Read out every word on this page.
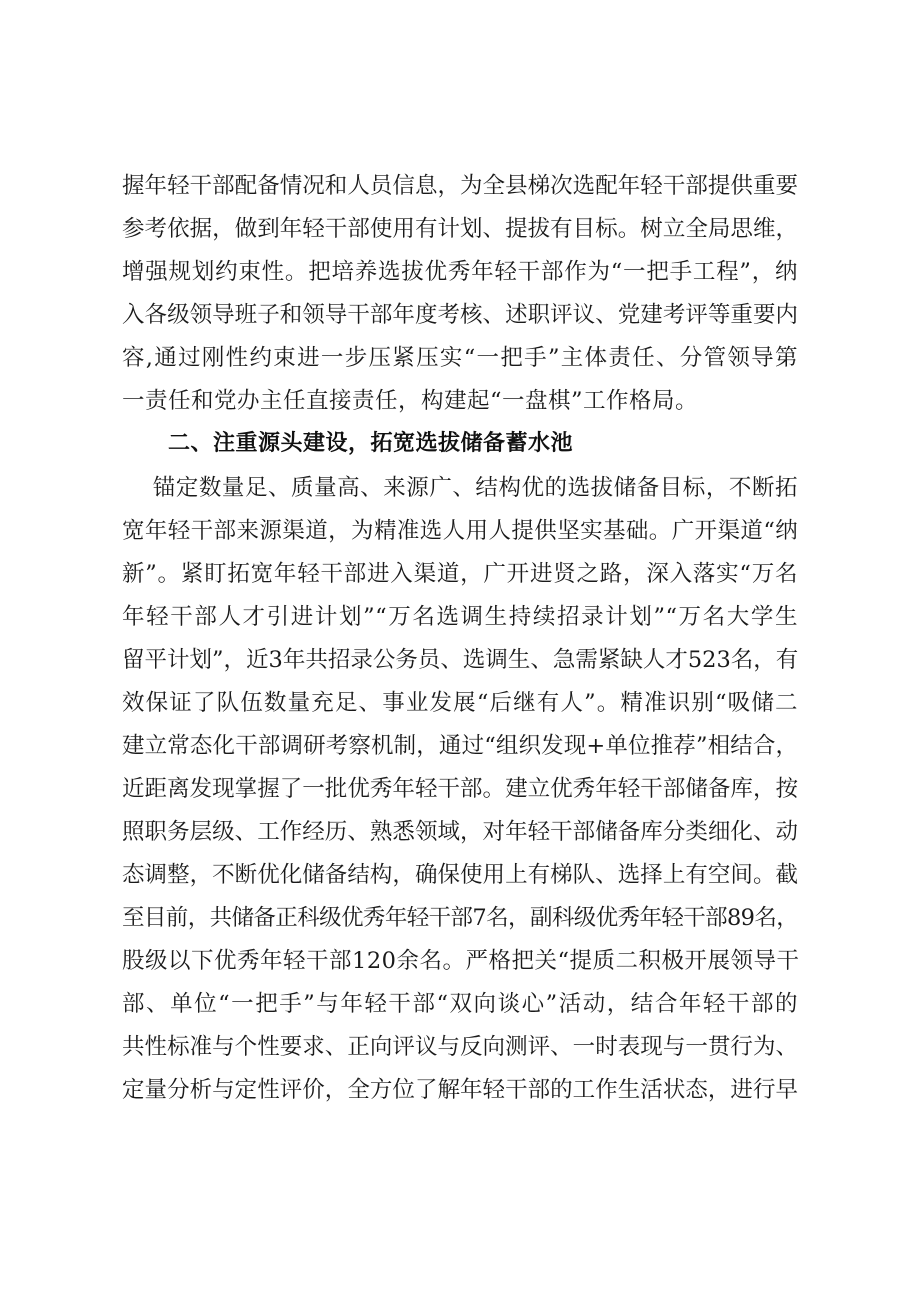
握年轻干部配备情况和人员信息，为全县梯次选配年轻干部提供重要
参考依据，做到年轻干部使用有计划、提拔有目标。树立全局思维，
增强规划约束性。把培养选拔优秀年轻干部作为“一把手工程”，纳
入各级领导班子和领导干部年度考核、述职评议、党建考评等重要内
容,通过刚性约束进一步压紧压实“一把手”主体责任、分管领导第
一责任和党办主任直接责任，构建起“一盘棋”工作格局。
二、注重源头建设，拓宽选拔储备蓄水池
锚定数量足、质量高、来源广、结构优的选拔储备目标，不断拓
宽年轻干部来源渠道，为精准选人用人提供坚实基础。广开渠道“纳
新”。紧盯拓宽年轻干部进入渠道，广开进贤之路，深入落实“万名
年轻干部人才引进计划”“万名选调生持续招录计划”“万名大学生
留平计划”，近3年共招录公务员、选调生、急需紧缺人才523名，有
效保证了队伍数量充足、事业发展“后继有人”。精准识别“吸储二
建立常态化干部调研考察机制，通过“组织发现+单位推荐”相结合，
近距离发现掌握了一批优秀年轻干部。建立优秀年轻干部储备库，按
照职务层级、工作经历、熟悉领域，对年轻干部储备库分类细化、动
态调整，不断优化储备结构，确保使用上有梯队、选择上有空间。截
至目前，共储备正科级优秀年轻干部7名，副科级优秀年轻干部89名，
股级以下优秀年轻干部120余名。严格把关“提质二积极开展领导干
部、单位“一把手”与年轻干部“双向谈心”活动，结合年轻干部的
共性标准与个性要求、正向评议与反向测评、一时表现与一贯行为、
定量分析与定性评价，全方位了解年轻干部的工作生活状态，进行早
